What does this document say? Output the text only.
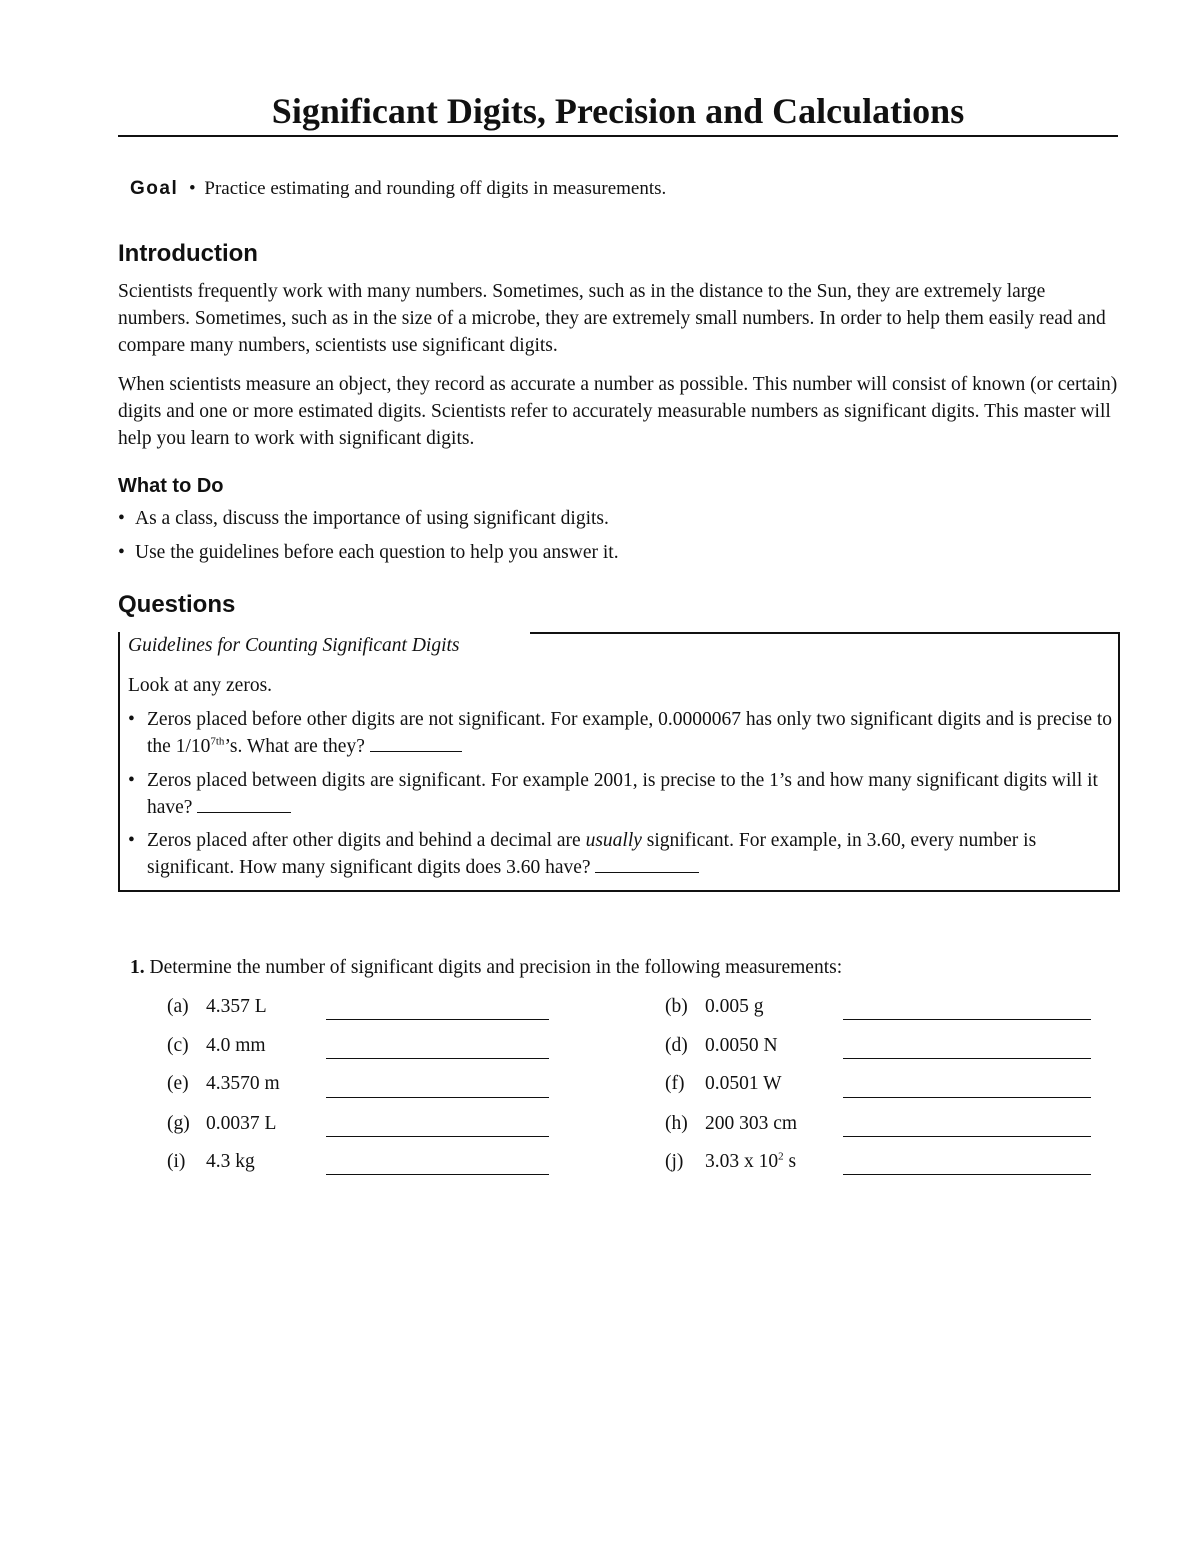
Significant Digits, Precision and Calculations
Goal • Practice estimating and rounding off digits in measurements.
Introduction
Scientists frequently work with many numbers. Sometimes, such as in the distance to the Sun, they are extremely large numbers. Sometimes, such as in the size of a microbe, they are extremely small numbers. In order to help them easily read and compare many numbers, scientists use significant digits.
When scientists measure an object, they record as accurate a number as possible. This number will consist of known (or certain) digits and one or more estimated digits. Scientists refer to accurately measurable numbers as significant digits. This master will help you learn to work with significant digits.
What to Do
• As a class, discuss the importance of using significant digits.
• Use the guidelines before each question to help you answer it.
Questions
Guidelines for Counting Significant Digits
Look at any zeros.
• Zeros placed before other digits are not significant. For example, 0.0000067 has only two significant digits and is precise to the $1/10^{7th}’s$. What are they?
• Zeros placed between digits are significant. For example 2001, is precise to the 1’s and how many significant digits will it have?
• Zeros placed after other digits and behind a decimal are usually significant. For example, in 3.60, every number is significant. How many significant digits does 3.60 have?
1. Determine the number of significant digits and precision in the following measurements:
(a) 4.357 L
(c) 4.0 mm
(e) 4.3570 m
(g) 0.0037 L
(i) 4.3 kg
(b) 0.005 g
(d) 0.0050 N
(f) 0.0501 W
(h) 200 303 cm
(j) 3.03 x $10^2$ s
